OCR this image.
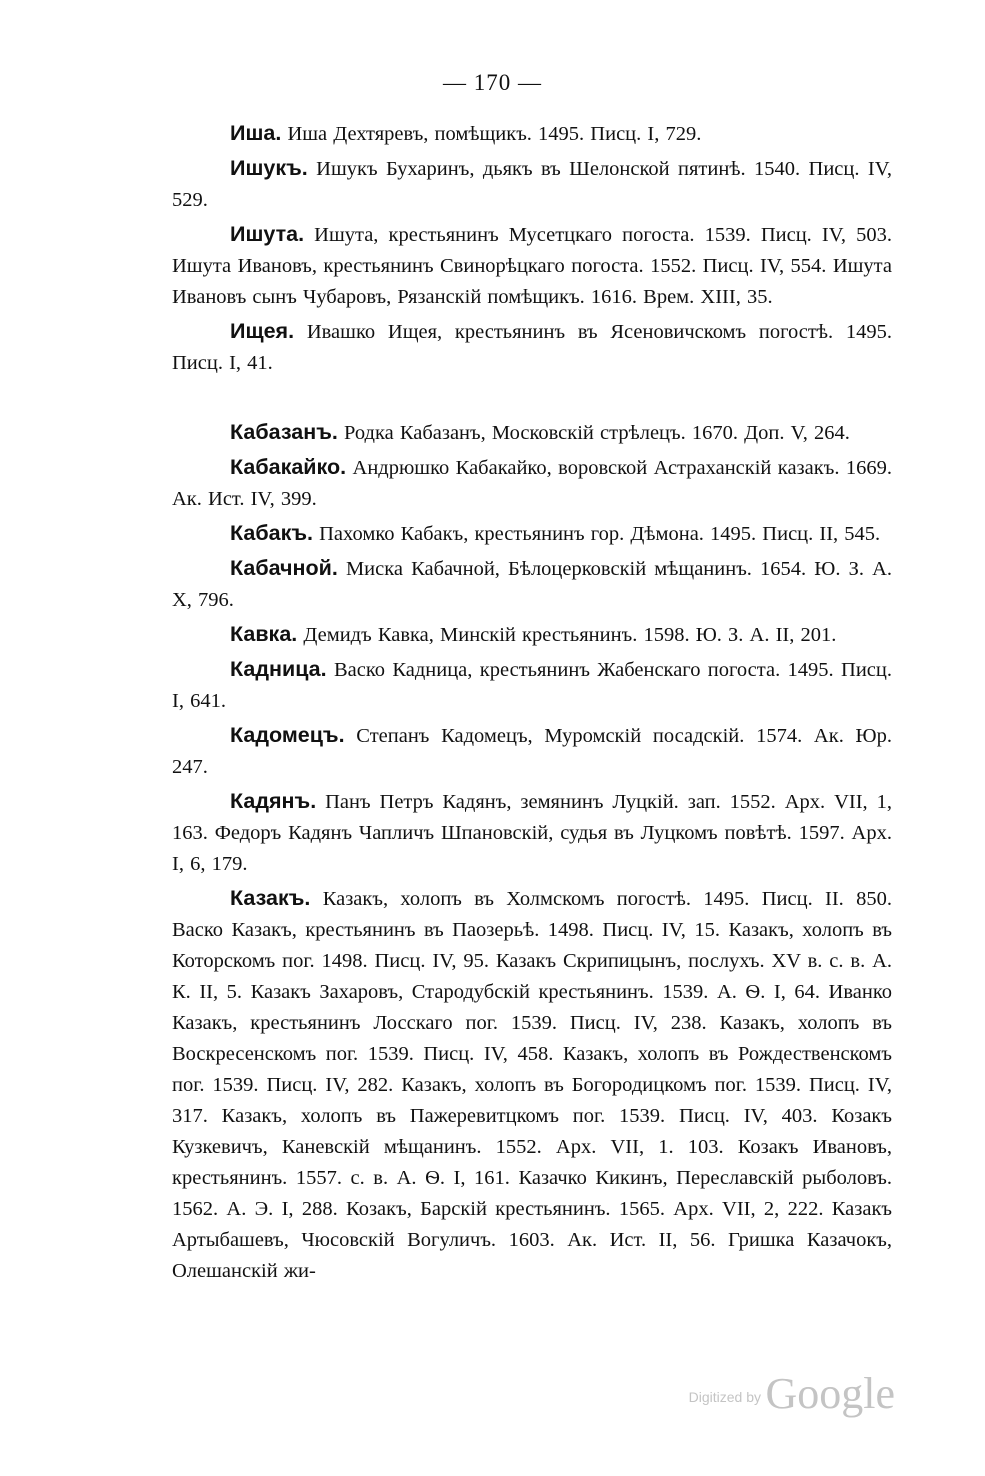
— 170 —

Иша. Иша Дехтяревъ, помѣщикъ. 1495. Писц. I, 729.

Ишукъ. Ишукъ Бухаринъ, дьякъ въ Шелонской пятинѣ. 1540. Писц. IV, 529.

Ишута. Ишута, крестьянинъ Мусетцкаго погоста. 1539. Писц. IV, 503. Ишута Ивановъ, крестьянинъ Свинорѣцкаго погоста. 1552. Писц. IV, 554. Ишута Ивановъ сынъ Чубаровъ, Рязанскій помѣщикъ. 1616. Врем. XIII, 35.

Ищея. Ивашко Ищея, крестьянинъ въ Ясеновичскомъ погостѣ. 1495. Писц. I, 41.

Кабазанъ. Родка Кабазанъ, Московскій стрѣлецъ. 1670. Доп. V, 264.

Кабакайко. Андрюшко Кабакайко, воровской Астраханскій казакъ. 1669. Ак. Ист. IV, 399.

Кабакъ. Пахомко Кабакъ, крестьянинъ гор. Дѣмона. 1495. Писц. II, 545.

Кабачной. Миска Кабачной, Бѣлоцерковскій мѣщанинъ. 1654. Ю. З. А. X, 796.

Кавка. Демидъ Кавка, Минскій крестьянинъ. 1598. Ю. З. А. II, 201.

Кадница. Васко Кадница, крестьянинъ Жабенскаго погоста. 1495. Писц. I, 641.

Кадомецъ. Степанъ Кадомецъ, Муромскій посадскій. 1574. Ак. Юр. 247.

Кадянъ. Панъ Петръ Кадянъ, земянинъ Луцкій. зап. 1552. Арх. VII, 1, 163. Федоръ Кадянъ Чапличъ Шпановскій, судья въ Луцкомъ повѣтѣ. 1597. Арх. I, 6, 179.

Казакъ. Казакъ, холопъ въ Холмскомъ погостѣ. 1495. Писц. II. 850. Васко Казакъ, крестьянинъ въ Паозерьѣ. 1498. Писц. IV, 15. Казакъ, холопъ въ Которскомъ пог. 1498. Писц. IV, 95. Казакъ Скрипицынъ, послухъ. XV в. с. в. А. К. II, 5. Казакъ Захаровъ, Стародубскій крестьянинъ. 1539. А. Ѳ. I, 64. Иванко Казакъ, крестьянинъ Лосскаго пог. 1539. Писц. IV, 238. Казакъ, холопъ въ Воскресенскомъ пог. 1539. Писц. IV, 458. Казакъ, холопъ въ Рождественскомъ пог. 1539. Писц. IV, 282. Казакъ, холопъ въ Богородицкомъ пог. 1539. Писц. IV, 317. Казакъ, холопъ въ Пажеревитцкомъ пог. 1539. Писц. IV, 403. Козакъ Кузкевичъ, Каневскій мѣщанинъ. 1552. Арх. VII, 1. 103. Козакъ Ивановъ, крестьянинъ. 1557. с. в. А. Ѳ. I, 161. Казачко Кикинъ, Переславскій рыболовъ. 1562. А. Э. I, 288. Козакъ, Барскій крестьянинъ. 1565. Арх. VII, 2, 222. Казакъ Артыбашевъ, Чюсовскій Вогуличъ. 1603. Ак. Ист. II, 56. Гришка Казачокъ, Олешанскій жи-

Digitized by Google
